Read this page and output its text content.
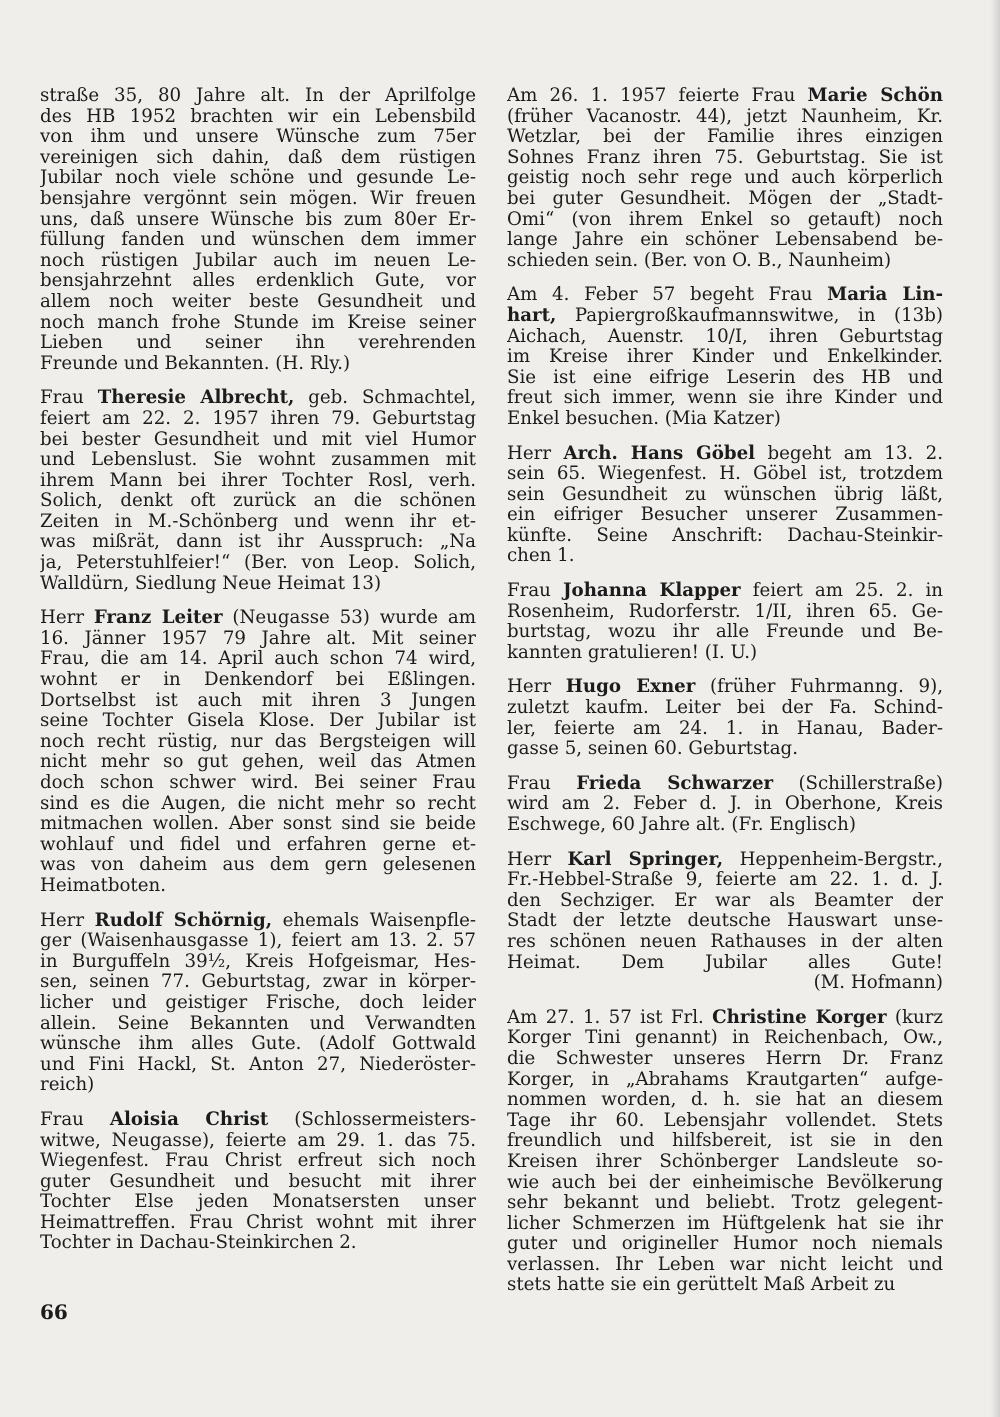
straße 35, 80 Jahre alt. In der Aprilfolge
des HB 1952 brachten wir ein Lebensbild
von ihm und unsere Wünsche zum 75er
vereinigen sich dahin, daß dem rüstigen
Jubilar noch viele schöne und gesunde Le-
bensjahre vergönnt sein mögen. Wir freuen
uns, daß unsere Wünsche bis zum 80er Er-
füllung fanden und wünschen dem immer
noch rüstigen Jubilar auch im neuen Le-
bensjahrzehnt alles erdenklich Gute, vor
allem noch weiter beste Gesundheit und
noch manch frohe Stunde im Kreise seiner
Lieben und seiner ihn verehrenden
Freunde und Bekannten. (H. Rly.)
Frau Theresie Albrecht, geb. Schmachtel,
feiert am 22. 2. 1957 ihren 79. Geburtstag
bei bester Gesundheit und mit viel Humor
und Lebenslust. Sie wohnt zusammen mit
ihrem Mann bei ihrer Tochter Rosl, verh.
Solich, denkt oft zurück an die schönen
Zeiten in M.-Schönberg und wenn ihr et-
was mißrät, dann ist ihr Ausspruch: „Na
ja, Peterstuhlfeier!“ (Ber. von Leop. Solich,
Walldürn, Siedlung Neue Heimat 13)
Herr Franz Leiter (Neugasse 53) wurde am
16. Jänner 1957 79 Jahre alt. Mit seiner
Frau, die am 14. April auch schon 74 wird,
wohnt er in Denkendorf bei Eßlingen.
Dortselbst ist auch mit ihren 3 Jungen
seine Tochter Gisela Klose. Der Jubilar ist
noch recht rüstig, nur das Bergsteigen will
nicht mehr so gut gehen, weil das Atmen
doch schon schwer wird. Bei seiner Frau
sind es die Augen, die nicht mehr so recht
mitmachen wollen. Aber sonst sind sie beide
wohlauf und fidel und erfahren gerne et-
was von daheim aus dem gern gelesenen
Heimatboten.
Herr Rudolf Schörnig, ehemals Waisenpfle-
ger (Waisenhausgasse 1), feiert am 13. 2. 57
in Burguffeln 39½, Kreis Hofgeismar, Hes-
sen, seinen 77. Geburtstag, zwar in körper-
licher und geistiger Frische, doch leider
allein. Seine Bekannten und Verwandten
wünsche ihm alles Gute. (Adolf Gottwald
und Fini Hackl, St. Anton 27, Niederöster-
reich)
Frau Aloisia Christ (Schlossermeisters-
witwe, Neugasse), feierte am 29. 1. das 75.
Wiegenfest. Frau Christ erfreut sich noch
guter Gesundheit und besucht mit ihrer
Tochter Else jeden Monatsersten unser
Heimattreffen. Frau Christ wohnt mit ihrer
Tochter in Dachau-Steinkirchen 2.
Am 26. 1. 1957 feierte Frau Marie Schön
(früher Vacanostr. 44), jetzt Naunheim, Kr.
Wetzlar, bei der Familie ihres einzigen
Sohnes Franz ihren 75. Geburtstag. Sie ist
geistig noch sehr rege und auch körperlich
bei guter Gesundheit. Mögen der „Stadt-
Omi“ (von ihrem Enkel so getauft) noch
lange Jahre ein schöner Lebensabend be-
schieden sein. (Ber. von O. B., Naunheim)
Am 4. Feber 57 begeht Frau Maria Lin-
hart, Papiergroßkaufmannswitwe, in (13b)
Aichach, Auenstr. 10/I, ihren Geburtstag
im Kreise ihrer Kinder und Enkelkinder.
Sie ist eine eifrige Leserin des HB und
freut sich immer, wenn sie ihre Kinder und
Enkel besuchen. (Mia Katzer)
Herr Arch. Hans Göbel begeht am 13. 2.
sein 65. Wiegenfest. H. Göbel ist, trotzdem
sein Gesundheit zu wünschen übrig läßt,
ein eifriger Besucher unserer Zusammen-
künfte. Seine Anschrift: Dachau-Steinkir-
chen 1.
Frau Johanna Klapper feiert am 25. 2. in
Rosenheim, Rudorferstr. 1/II, ihren 65. Ge-
burtstag, wozu ihr alle Freunde und Be-
kannten gratulieren! (I. U.)
Herr Hugo Exner (früher Fuhrmanng. 9),
zuletzt kaufm. Leiter bei der Fa. Schind-
ler, feierte am 24. 1. in Hanau, Bader-
gasse 5, seinen 60. Geburtstag.
Frau Frieda Schwarzer (Schillerstraße)
wird am 2. Feber d. J. in Oberhone, Kreis
Eschwege, 60 Jahre alt. (Fr. Englisch)
Herr Karl Springer, Heppenheim-Bergstr.,
Fr.-Hebbel-Straße 9, feierte am 22. 1. d. J.
den Sechziger. Er war als Beamter der
Stadt der letzte deutsche Hauswart unse-
res schönen neuen Rathauses in der alten
Heimat. Dem Jubilar alles Gute!
(M. Hofmann)
Am 27. 1. 57 ist Frl. Christine Korger (kurz
Korger Tini genannt) in Reichenbach, Ow.,
die Schwester unseres Herrn Dr. Franz
Korger, in „Abrahams Krautgarten“ aufge-
nommen worden, d. h. sie hat an diesem
Tage ihr 60. Lebensjahr vollendet. Stets
freundlich und hilfsbereit, ist sie in den
Kreisen ihrer Schönberger Landsleute so-
wie auch bei der einheimische Bevölkerung
sehr bekannt und beliebt. Trotz gelegent-
licher Schmerzen im Hüftgelenk hat sie ihr
guter und origineller Humor noch niemals
verlassen. Ihr Leben war nicht leicht und
stets hatte sie ein gerüttelt Maß Arbeit zu
66
